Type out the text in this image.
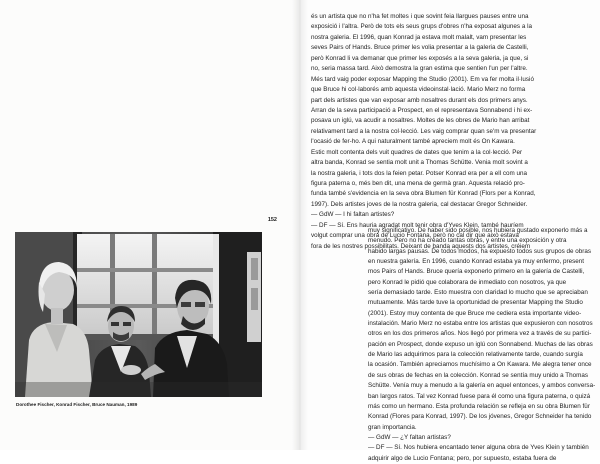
152
Dorothee Fischer, Konrad Fischer, Bruce Nauman, 1989
és un artista que no n'ha fet moltes i que sovint feia llargues pauses entre una
exposició i l'altra. Però de tots els seus grups d'obres n'ha exposat algunes a la
nostra galeria. El 1996, quan Konrad ja estava molt malalt, vam presentar les
seves Pairs of Hands. Bruce primer les volia presentar a la galeria de Castelli,
però Konrad li va demanar que primer les exposés a la seva galeria, ja que, si
no, seria massa tard. Això demostra la gran estima que sentien l'un per l'altre.
Més tard vaig poder exposar Mapping the Studio (2001). Em va fer molta il·lusió
que Bruce hi col·laborés amb aquesta videoinstal·lació. Mario Merz no forma
part dels artistes que van exposar amb nosaltres durant els dos primers anys.
Arran de la seva participació a Prospect, en el representava Sonnabend i hi ex-
posava un iglú, va acudir a nosaltres. Moltes de les obres de Mario han arribat
relativament tard a la nostra col·lecció. Les vaig comprar quan se'm va presentar
l'ocasió de fer-ho. A qui naturalment també apreciem molt és On Kawara.
Estic molt contenta dels vuit quadres de dates que tenim a la col·lecció. Per
altra banda, Konrad se sentia molt unit a Thomas Schütte. Venia molt sovint a
la nostra galeria, i tots dos la feien petar. Potser Konrad era per a ell com una
figura paterna o, més ben dit, una mena de germà gran. Aquesta relació pro-
funda també s'evidencia en la seva obra Blumen für Konrad (Flors per a Konrad,
1997). Dels artistes joves de la nostra galeria, cal destacar Gregor Schneider.
— GdW — I hi faltan artistes?
— DF — Sí. Ens hauria agradat molt tenir obra d'Yves Klein, també hauríem
volgut comprar una obra de Lucio Fontana, però no cal dir que això estava
fora de les nostres possibilitats. Deixant de banda aquests dos artistes, créiem
muy significativo. De haber sido posible, nos hubiera gustado exponerlo más a
menudo. Pero no ha creado tantas obras, y entre una exposición y otra
habido largas pausas. De todos modos, ha expuesto todos sus grupos de obras
en nuestra galería. En 1996, cuando Konrad estaba ya muy enfermo, present
mos Pairs of Hands. Bruce quería exponerlo primero en la galería de Castelli,
pero Konrad le pidió que colaborara de inmediato con nosotros, ya que
sería demasiado tarde. Esto muestra con claridad lo mucho que se apreciaban
mutuamente. Más tarde tuve la oportunidad de presentar Mapping the Studio
(2001). Estoy muy contenta de que Bruce me cediera esta importante video-
instalación. Mario Merz no estaba entre los artistas que expusieron con nosotros
otros en los dos primeros años. Nos llegó por primera vez a través de su partici-
pación en Prospect, donde expuso un iglú con Sonnabend. Muchas de las obras
de Mario las adquirimos para la colección relativamente tarde, cuando surgía
la ocasión. También apreciamos muchísimo a On Kawara. Me alegra tener once
de sus obras de fechas en la colección. Konrad se sentía muy unido a Thomas
Schütte. Venía muy a menudo a la galería en aquel entonces, y ambos conversa-
ban largos ratos. Tal vez Konrad fuese para él como una figura paterna, o quizá
más como un hermano. Esta profunda relación se refleja en su obra Blumen für
Konrad (Flores para Konrad, 1997). De los jóvenes, Gregor Schneider ha tenido
gran importancia.
— GdW — ¿Y faltan artistas?
— DF — Sí. Nos hubiera encantado tener alguna obra de Yves Klein y también
adquirir algo de Lucio Fontana; pero, por supuesto, estaba fuera de
